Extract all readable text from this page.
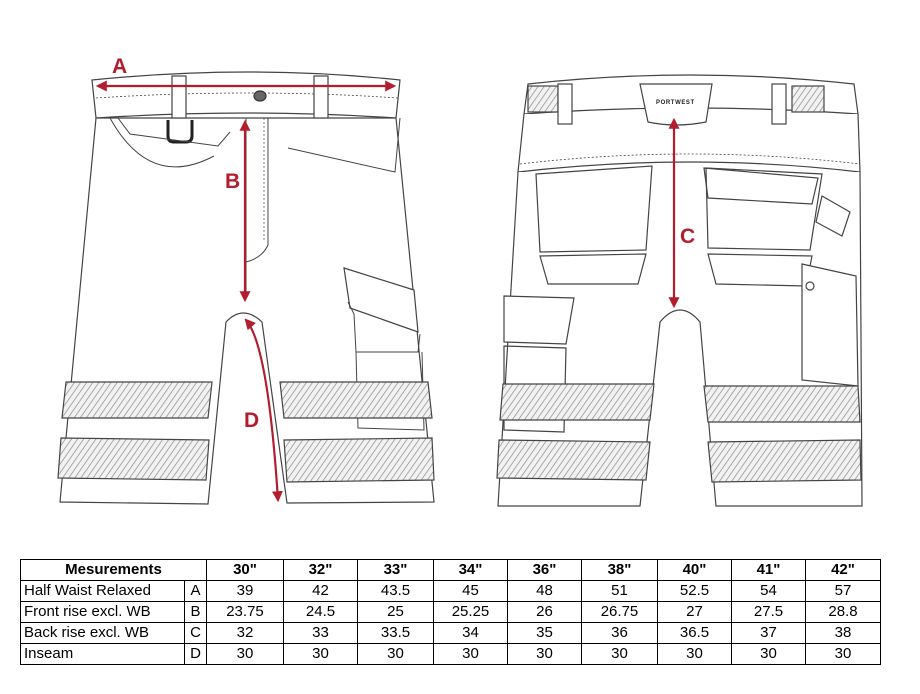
A
B
D
PORTWEST
C
Mesurements		30"	32"	33"	34"	36"	38"	40"	41"	42"
Half Waist Relaxed	A	39	42	43.5	45	48	51	52.5	54	57
Front rise excl. WB	B	23.75	24.5	25	25.25	26	26.75	27	27.5	28.8
Back rise excl. WB	C	32	33	33.5	34	35	36	36.5	37	38
Inseam	D	30	30	30	30	30	30	30	30	30
